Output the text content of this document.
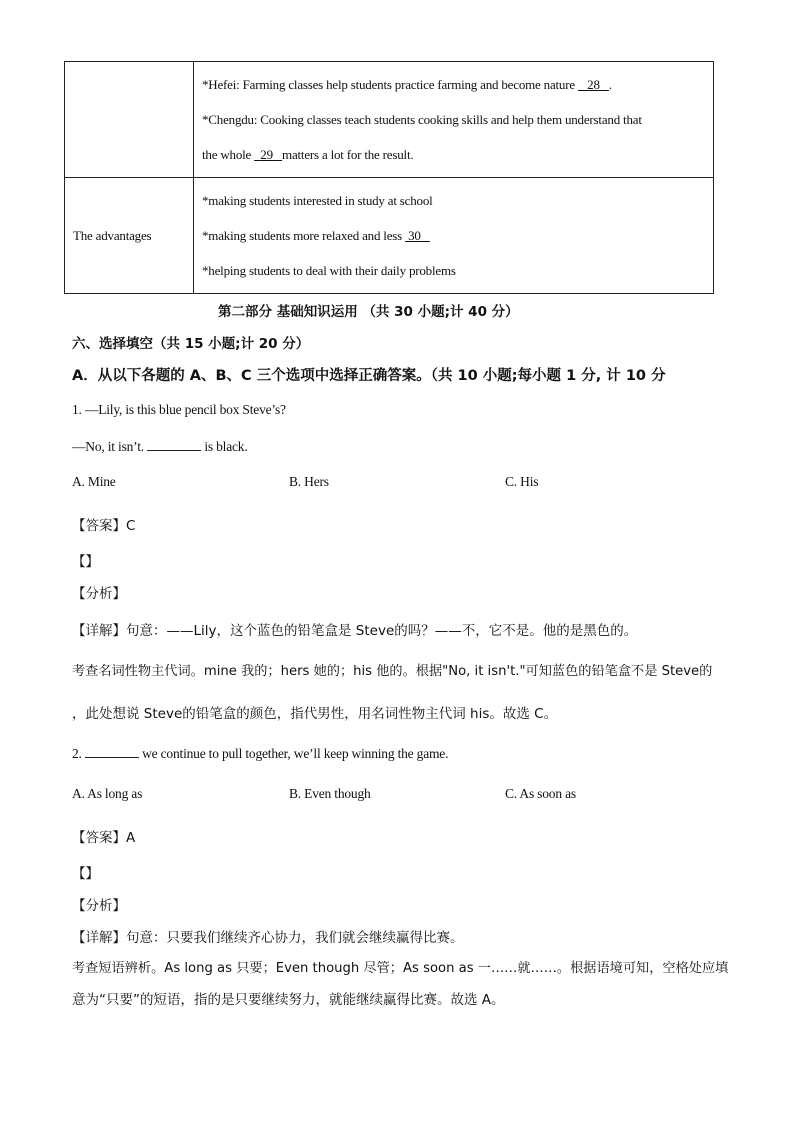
	*Hefei: Farming classes help students practice farming and become nature    28 .
*Chengdu: Cooking classes teach students cooking skills and help them understand that
the whole   29 matters a lot for the result.

The advantages	*making students interested in study at school
*making students more relaxed and less  30
*helping students to deal with their daily problems
第二部分 基础知识运用 （共 30 小题;计 40 分）
六、选择填空（共 15 小题;计 20 分）
A．从以下各题的 A、B、C 三个选项中选择正确答案。（共 10 小题;每小题 1 分, 计 10 分
1. —Lily, is this blue pencil box Steve’s?
—No, it isn’t.	is black.
A. Mine	B. Hers	C. His
【答案】C
【】
【分析】
【详解】句意：——Lily，这个蓝色的铅笔盒是 Steve的吗？——不，它不是。他的是黑色的。
考查名词性物主代词。mine 我的；hers 她的；his 他的。根据"No, it isn't."可知蓝色的铅笔盒不是 Steve的
，此处想说 Steve的铅笔盒的颜色，指代男性，用名词性物主代词 his。故选 C。
2.	we continue to pull together, we’ll keep winning the game.
A. As long as	B. Even though	C. As soon as
【答案】A
【】
【分析】
【详解】句意：只要我们继续齐心协力，我们就会继续赢得比赛。
考查短语辨析。As long as 只要；Even though 尽管；As soon as 一……就……。根据语境可知，空格处应填
意为“只要”的短语，指的是只要继续努力，就能继续赢得比赛。故选 A。
